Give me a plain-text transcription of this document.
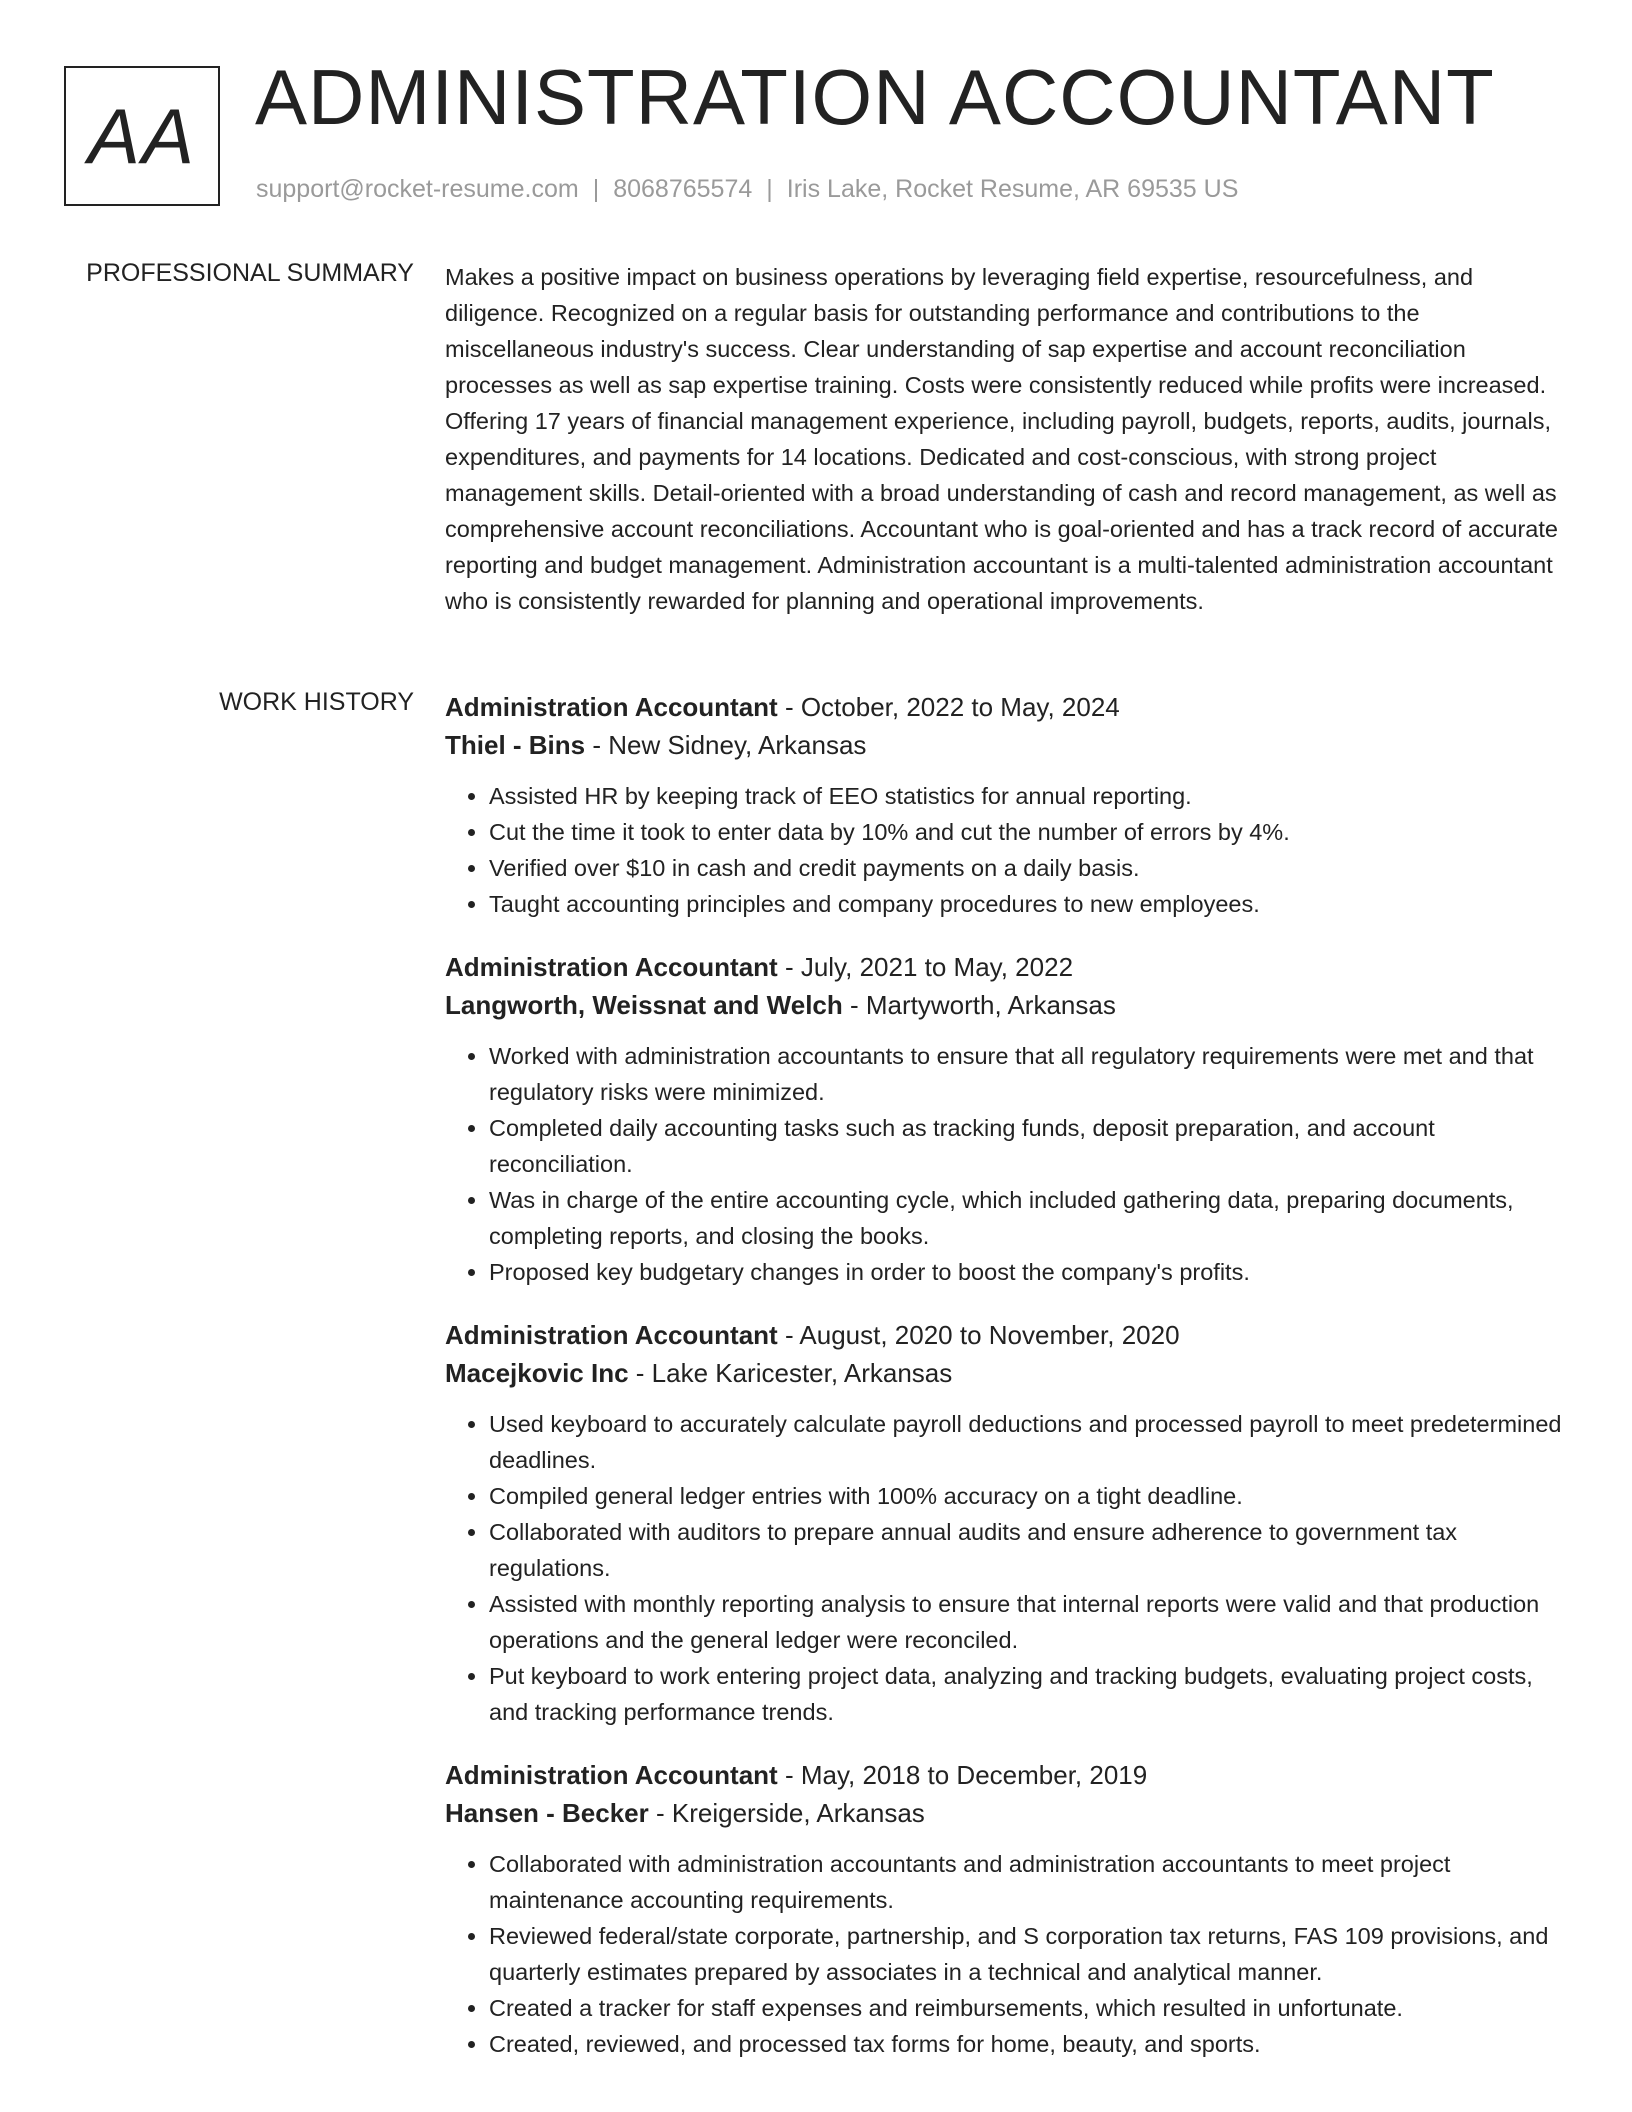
AA ADMINISTRATION ACCOUNTANT
support@rocket-resume.com | 8068765574 | Iris Lake, Rocket Resume, AR 69535 US
PROFESSIONAL SUMMARY Makes a positive impact on business operations by leveraging field expertise, resourcefulness, and diligence. Recognized on a regular basis for outstanding performance and contributions to the miscellaneous industry's success. Clear understanding of sap expertise and account reconciliation processes as well as sap expertise training. Costs were consistently reduced while profits were increased. Offering 17 years of financial management experience, including payroll, budgets, reports, audits, journals, expenditures, and payments for 14 locations. Dedicated and cost-conscious, with strong project management skills. Detail-oriented with a broad understanding of cash and record management, as well as comprehensive account reconciliations. Accountant who is goal-oriented and has a track record of accurate reporting and budget management. Administration accountant is a multi-talented administration accountant who is consistently rewarded for planning and operational improvements.

WORK HISTORY Administration Accountant - October, 2022 to May, 2024
Thiel - Bins - New Sidney, Arkansas
• Assisted HR by keeping track of EEO statistics for annual reporting.
• Cut the time it took to enter data by 10% and cut the number of errors by 4%.
• Verified over $10 in cash and credit payments on a daily basis.
• Taught accounting principles and company procedures to new employees.
Administration Accountant - July, 2021 to May, 2022
Langworth, Weissnat and Welch - Martyworth, Arkansas
• Worked with administration accountants to ensure that all regulatory requirements were met and that regulatory risks were minimized.
• Completed daily accounting tasks such as tracking funds, deposit preparation, and account reconciliation.
• Was in charge of the entire accounting cycle, which included gathering data, preparing documents, completing reports, and closing the books.
• Proposed key budgetary changes in order to boost the company's profits.
Administration Accountant - August, 2020 to November, 2020
Macejkovic Inc - Lake Karicester, Arkansas
• Used keyboard to accurately calculate payroll deductions and processed payroll to meet predetermined deadlines.
• Compiled general ledger entries with 100% accuracy on a tight deadline.
• Collaborated with auditors to prepare annual audits and ensure adherence to government tax regulations.
• Assisted with monthly reporting analysis to ensure that internal reports were valid and that production operations and the general ledger were reconciled.
• Put keyboard to work entering project data, analyzing and tracking budgets, evaluating project costs, and tracking performance trends.
Administration Accountant - May, 2018 to December, 2019
Hansen - Becker - Kreigerside, Arkansas
• Collaborated with administration accountants and administration accountants to meet project maintenance accounting requirements.
• Reviewed federal/state corporate, partnership, and S corporation tax returns, FAS 109 provisions, and quarterly estimates prepared by associates in a technical and analytical manner.
• Created a tracker for staff expenses and reimbursements, which resulted in unfortunate.
• Created, reviewed, and processed tax forms for home, beauty, and sports.
